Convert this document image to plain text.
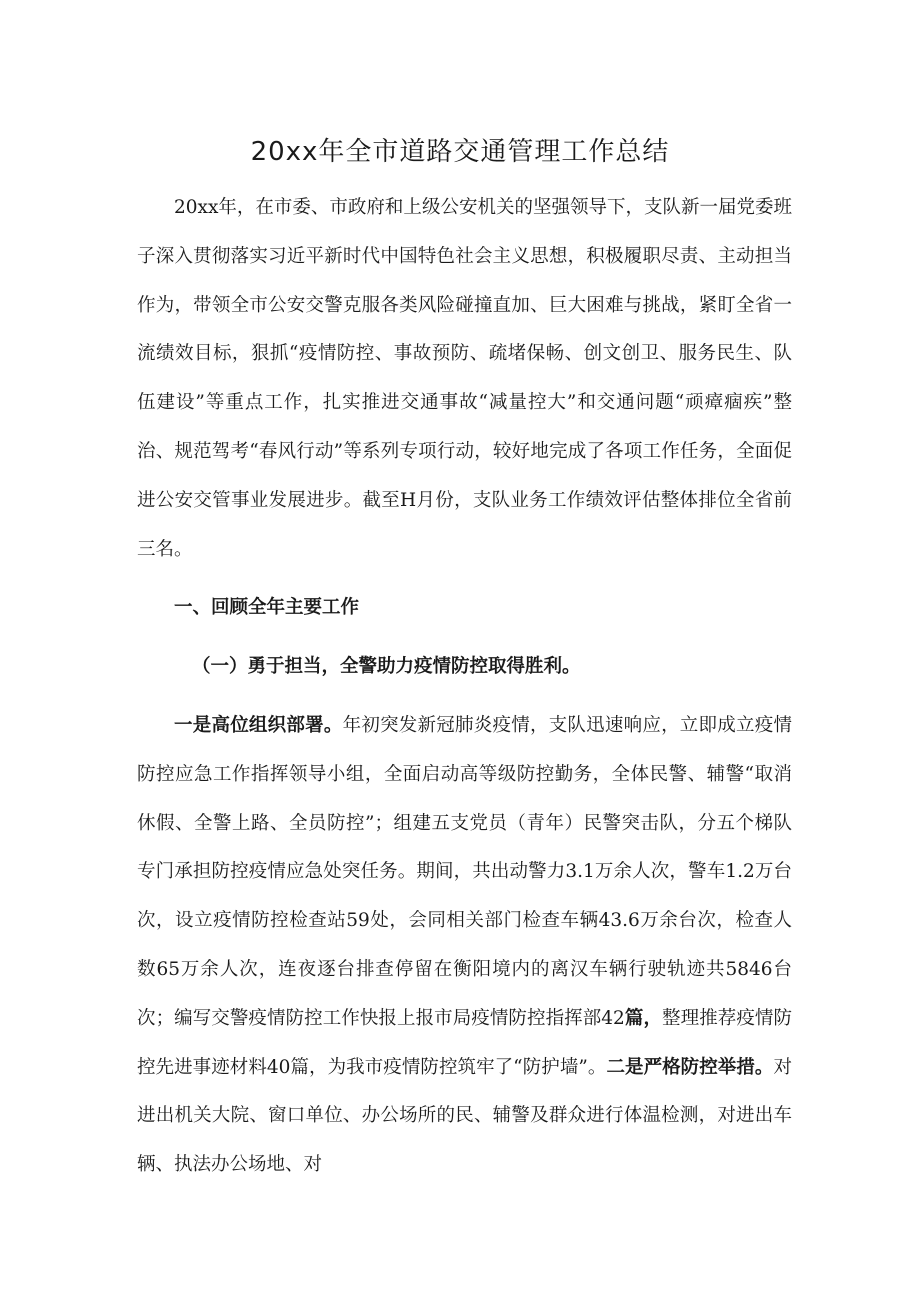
20xx年全市道路交通管理工作总结

20xx年，在市委、市政府和上级公安机关的坚强领导下，支队新一届党委班子深入贯彻落实习近平新时代中国特色社会主义思想，积极履职尽责、主动担当作为，带领全市公安交警克服各类风险碰撞直加、巨大困难与挑战，紧盯全省一流绩效目标，狠抓“疫情防控、事故预防、疏堵保畅、创文创卫、服务民生、队伍建设”等重点工作，扎实推进交通事故“减量控大”和交通问题“顽瘴痼疾”整治、规范驾考“春风行动”等系列专项行动，较好地完成了各项工作任务，全面促进公安交管事业发展进步。截至H月份，支队业务工作绩效评估整体排位全省前三名。

一、回顾全年主要工作

（一）勇于担当，全警助力疫情防控取得胜利。

一是高位组织部署。年初突发新冠肺炎疫情，支队迅速响应，立即成立疫情防控应急工作指挥领导小组，全面启动高等级防控勤务，全体民警、辅警“取消休假、全警上路、全员防控”；组建五支党员（青年）民警突击队，分五个梯队专门承担防控疫情应急处突任务。期间，共出动警力3.1万余人次，警车1.2万台次，设立疫情防控检查站59处，会同相关部门检查车辆43.6万余台次，检查人数65万余人次，连夜逐台排查停留在衡阳境内的离汉车辆行驶轨迹共5846台次；编写交警疫情防控工作快报上报市局疫情防控指挥部42篇，整理推荐疫情防控先进事迹材料40篇，为我市疫情防控筑牢了“防护墙”。二是严格防控举措。对进出机关大院、窗口单位、办公场所的民、辅警及群众进行体温检测，对进出车辆、执法办公场地、对
